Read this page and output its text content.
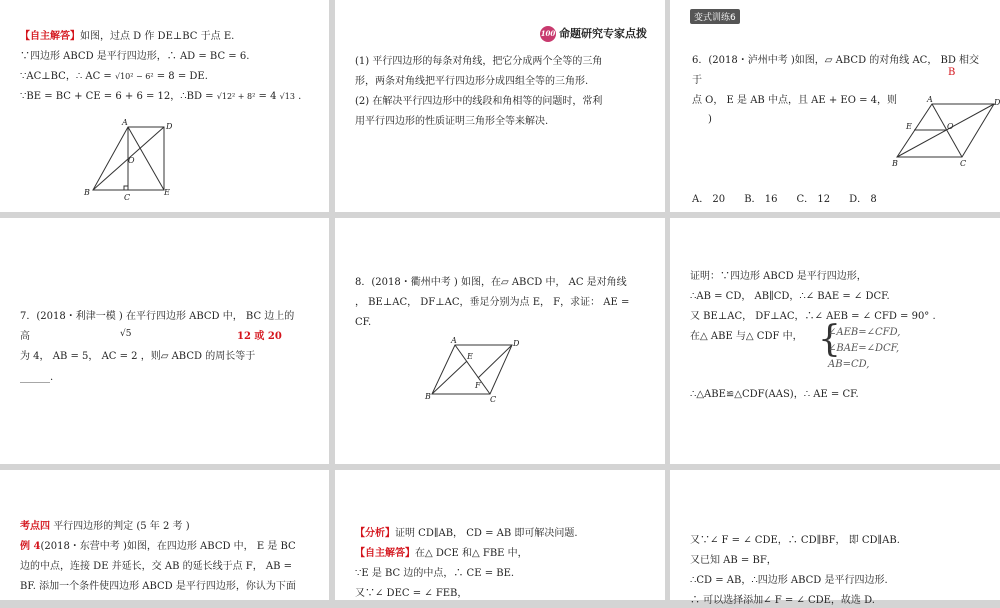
【自主解答】如图，过点 D 作 DE⊥BC 于点 E.
∵四边形 ABCD 是平行四边形，∴ AD = BC = 6.
∵AC⊥BC，∴ AC = √10² − 6² = 8 = DE.
∵BE = BC + CE = 6 + 6 = 12，∴BD = √12² + 8² = 4 √13 .
A	D
B
C
E
O
100 命题研究专家点拨
(1) 平行四边形的每条对角线，把它分成两个全等的三角
形，两条对角线把平行四边形分成四组全等的三角形.
(2) 在解决平行四边形中的线段和角相等的问题时，常利
用平行四边形的性质证明三角形全等来解决.
变式训练6
6．(2018・泸州中考 )如图，▱ ABCD 的对角线 AC， BD 相交
B
于
点 O， E 是 AB 中点，且 AE + EO = 4，则
)
A． 20      B． 16      C． 12      D． 8
A	D
B	C
E	O
7．(2018・利津一模 ) 在平行四边形 ABCD 中， BC 边上的
高	√5	12 或 20
为 4， AB = 5， AC = 2 ，则▱ ABCD 的周长等于
______.
8．(2018・衢州中考 ) 如图，在▱ ABCD 中， AC 是对角线
， BE⊥AC， DF⊥AC，垂足分别为点 E， F，求证： AE =
CF.
A	D
B	C
E
F
证明：∵四边形 ABCD 是平行四边形，
∴AB = CD， AB∥CD，∴∠ BAE = ∠ DCF.
又 BE⊥AC， DF⊥AC，∴∠ AEB = ∠ CFD = 90° .
在△ ABE 与△ CDF 中， {
∠AEB=∠CFD,
∠BAE=∠DCF,
AB=CD,
∴△ABE≌△CDF(AAS)，∴ AE = CF.
考点四 平行四边形的判定 (5 年 2 考 )
例 4(2018・东营中考 )如图，在四边形 ABCD 中， E 是 BC
边的中点，连接 DE 并延长，交 AB 的延长线于点 F， AB =
BF. 添加一个条件使四边形 ABCD 是平行四边形，你认为下面
【分析】证明 CD∥AB， CD = AB 即可解决问题.
【自主解答】在△ DCE 和△ FBE 中，
∵E 是 BC 边的中点，∴ CE = BE.
又∵∠ DEC = ∠ FEB，
又∵∠ F = ∠ CDE，∴ CD∥BF， 即 CD∥AB.
又已知 AB = BF，
∴CD = AB，∴四边形 ABCD 是平行四边形.
∴ 可以选择添加∠ F = ∠ CDE，故选 D.
